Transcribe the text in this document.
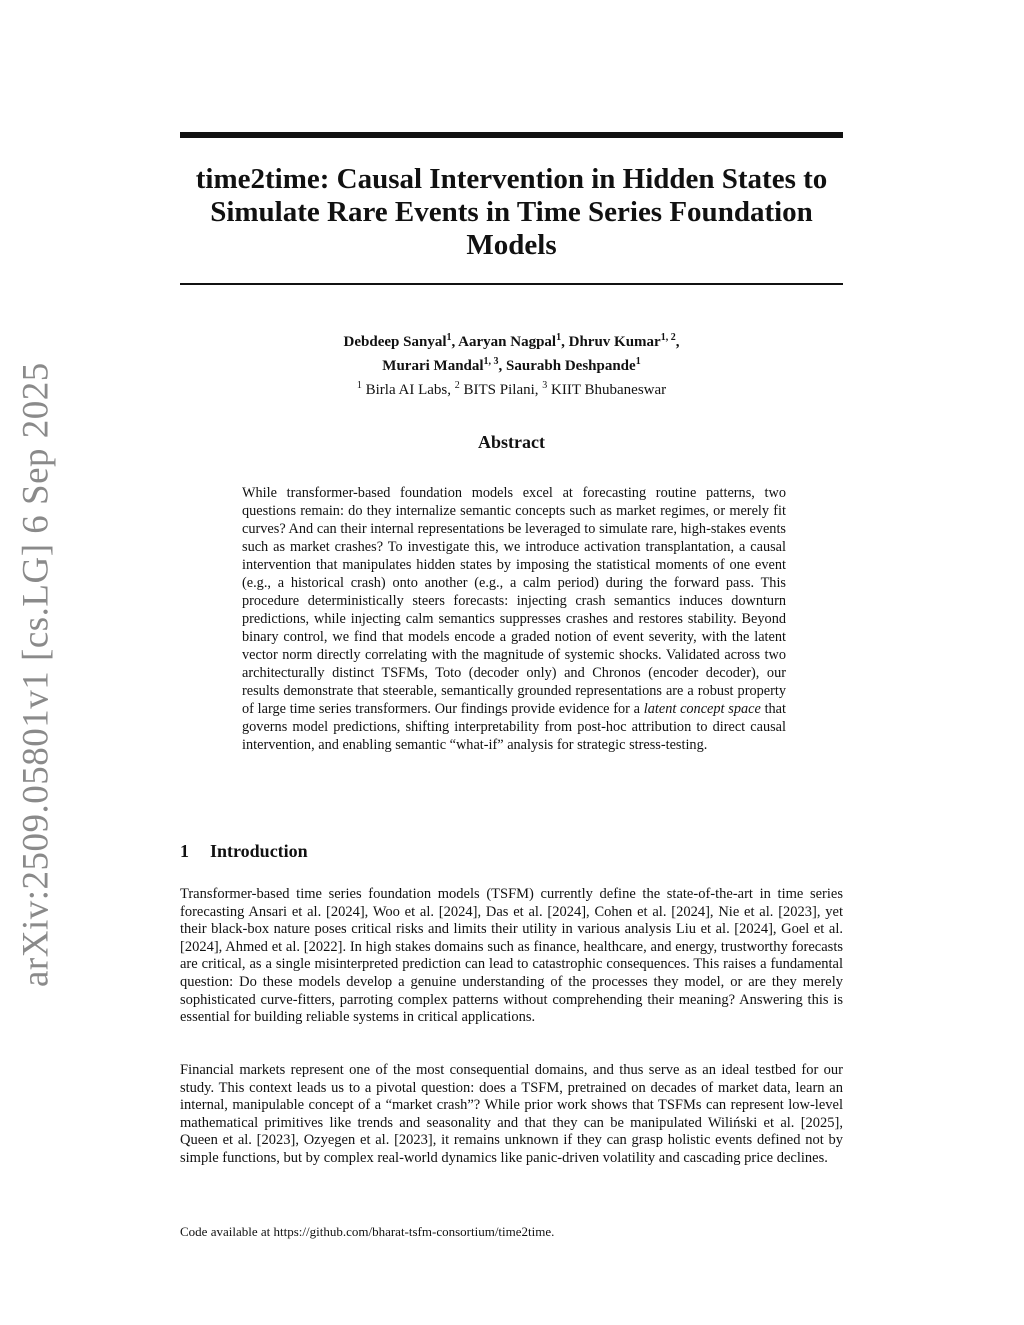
arXiv:2509.05801v1 [cs.LG] 6 Sep 2025
time2time: Causal Intervention in Hidden States to Simulate Rare Events in Time Series Foundation Models
Debdeep Sanyal$^1$, Aaryan Nagpal$^1$, Dhruv Kumar$^{1, 2}$,
Murari Mandal$^{1, 3}$, Saurabh Deshpande$^1$
$^1$ Birla AI Labs, $^2$ BITS Pilani, $^3$ KIIT Bhubaneswar
Abstract

While transformer-based foundation models excel at forecasting routine patterns, two questions remain: do they internalize semantic concepts such as market regimes, or merely fit curves? And can their internal representations be leveraged to simulate rare, high-stakes events such as market crashes? To investigate this, we introduce activation transplantation, a causal intervention that manipulates hidden states by imposing the statistical moments of one event (e.g., a historical crash) onto another (e.g., a calm period) during the forward pass. This procedure deterministically steers forecasts: injecting crash semantics induces downturn predictions, while injecting calm semantics suppresses crashes and restores stability. Beyond binary control, we find that models encode a graded notion of event severity, with the latent vector norm directly correlating with the magnitude of systemic shocks. Validated across two architecturally distinct TSFMs, Toto (decoder only) and Chronos (encoder decoder), our results demonstrate that steerable, semantically grounded representations are a robust property of large time series transformers. Our findings provide evidence for a latent concept space that governs model predictions, shifting interpretability from post-hoc attribution to direct causal intervention, and enabling semantic “what-if” analysis for strategic stress-testing.

1 Introduction

Transformer-based time series foundation models (TSFM) currently define the state-of-the-art in time series forecasting Ansari et al. [2024], Woo et al. [2024], Das et al. [2024], Cohen et al. [2024], Nie et al. [2023], yet their black-box nature poses critical risks and limits their utility in various analysis Liu et al. [2024], Goel et al. [2024], Ahmed et al. [2022]. In high stakes domains such as finance, healthcare, and energy, trustworthy forecasts are critical, as a single misinterpreted prediction can lead to catastrophic consequences. This raises a fundamental question: Do these models develop a genuine understanding of the processes they model, or are they merely sophisticated curve-fitters, parroting complex patterns without comprehending their meaning? Answering this is essential for building reliable systems in critical applications.

Financial markets represent one of the most consequential domains, and thus serve as an ideal testbed for our study. This context leads us to a pivotal question: does a TSFM, pretrained on decades of market data, learn an internal, manipulable concept of a “market crash”? While prior work shows that TSFMs can represent low-level mathematical primitives like trends and seasonality and that they can be manipulated Wiliński et al. [2025], Queen et al. [2023], Ozyegen et al. [2023], it remains unknown if they can grasp holistic events defined not by simple functions, but by complex real-world dynamics like panic-driven volatility and cascading price declines.

Code available at https://github.com/bharat-tsfm-consortium/time2time.
